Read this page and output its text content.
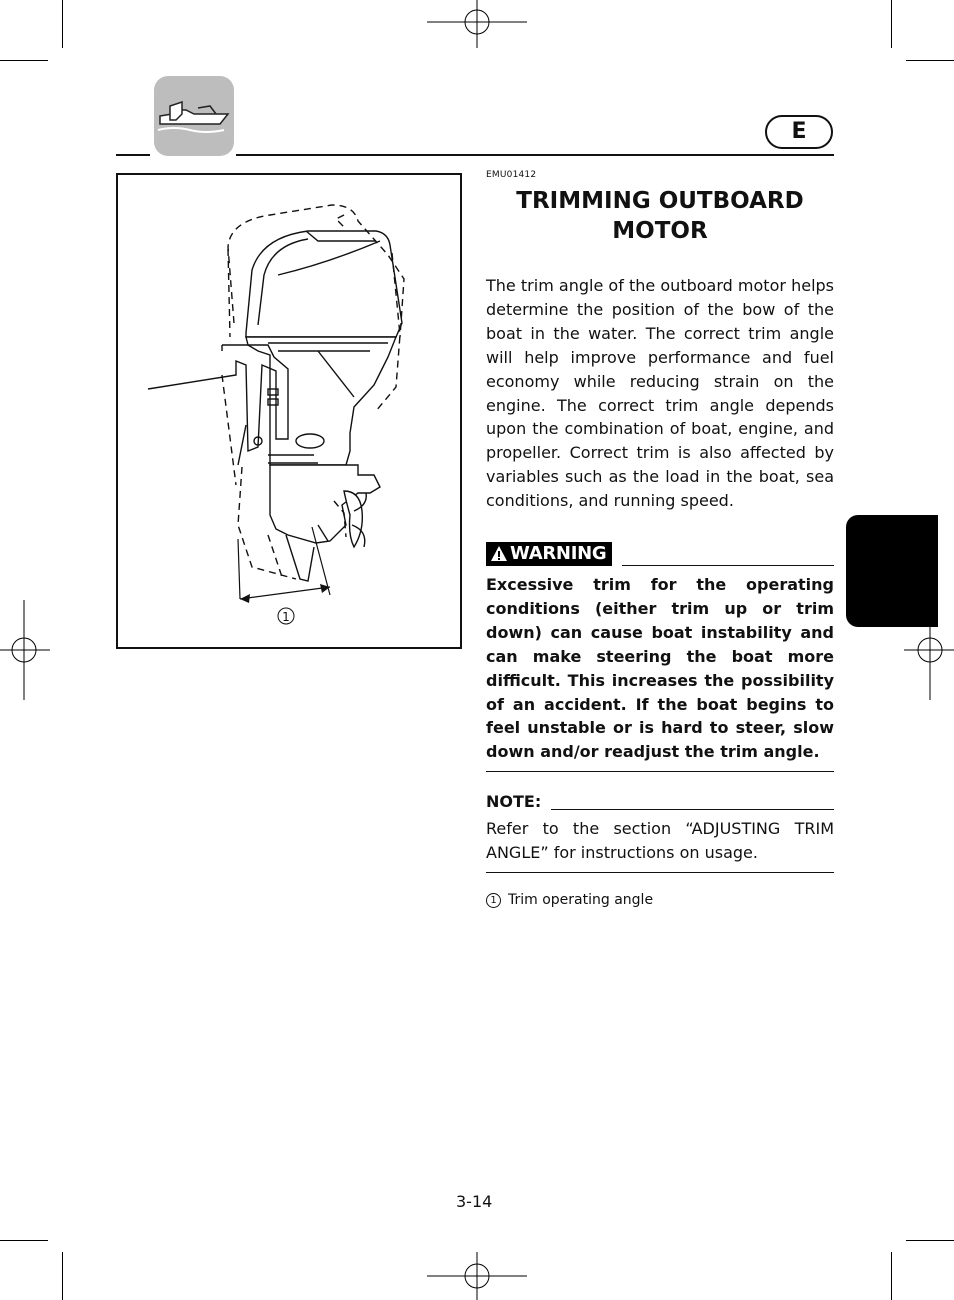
E
1
EMU01412
TRIMMING OUTBOARD MOTOR
The trim angle of the outboard motor helps determine the position of the bow of the boat in the water. The correct trim angle will help improve performance and fuel economy while reducing strain on the engine. The correct trim angle depends upon the combination of boat, engine, and propeller. Correct trim is also affected by variables such as the load in the boat, sea conditions, and running speed.
WARNING
Excessive trim for the operating conditions (either trim up or trim down) can cause boat instability and can make steering the boat more difficult. This increases the possibility of an accident. If the boat begins to feel unstable or is hard to steer, slow down and/or readjust the trim angle.
NOTE:
Refer to the section “ADJUSTING TRIM ANGLE” for instructions on usage.
1 Trim operating angle
3-14
